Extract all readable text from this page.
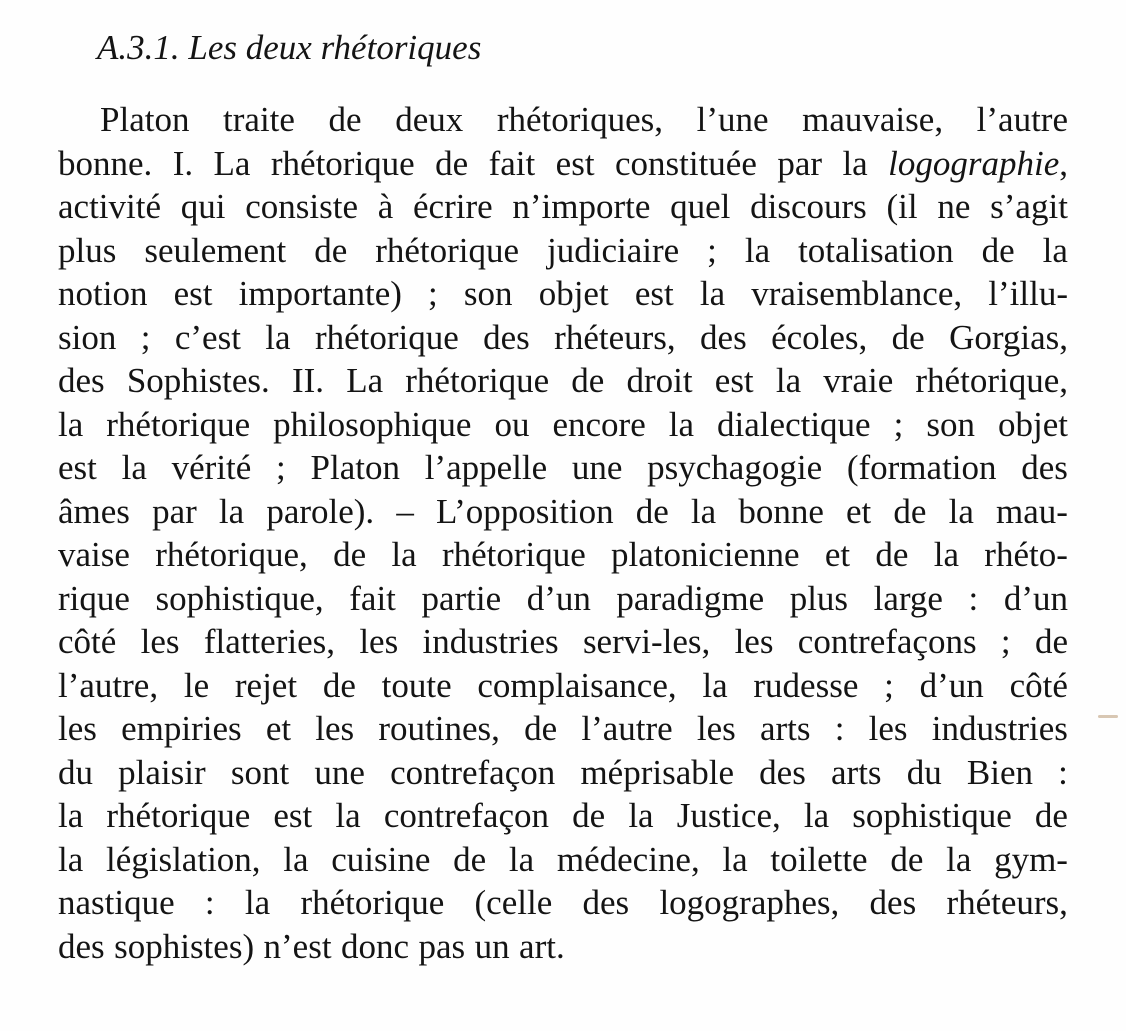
A.3.1. Les deux rhétoriques
Platon traite de deux rhétoriques, l’une mauvaise, l’autre
bonne. I. La rhétorique de fait est constituée par la logographie,
activité qui consiste à écrire n’importe quel discours (il ne s’agit
plus seulement de rhétorique judiciaire ; la totalisation de la
notion est importante) ; son objet est la vraisemblance, l’illu-
sion ; c’est la rhétorique des rhéteurs, des écoles, de Gorgias,
des Sophistes. II. La rhétorique de droit est la vraie rhétorique,
la rhétorique philosophique ou encore la dialectique ; son objet
est la vérité ; Platon l’appelle une psychagogie (formation des
âmes par la parole). – L’opposition de la bonne et de la mau-
vaise rhétorique, de la rhétorique platonicienne et de la rhéto-
rique sophistique, fait partie d’un paradigme plus large : d’un
côté les flatteries, les industries servi-les, les contrefaçons ; de
l’autre, le rejet de toute complaisance, la rudesse ; d’un côté
les empiries et les routines, de l’autre les arts : les industries
du plaisir sont une contrefaçon méprisable des arts du Bien :
la rhétorique est la contrefaçon de la Justice, la sophistique de
la législation, la cuisine de la médecine, la toilette de la gym-
nastique : la rhétorique (celle des logographes, des rhéteurs,
des sophistes) n’est donc pas un art.
